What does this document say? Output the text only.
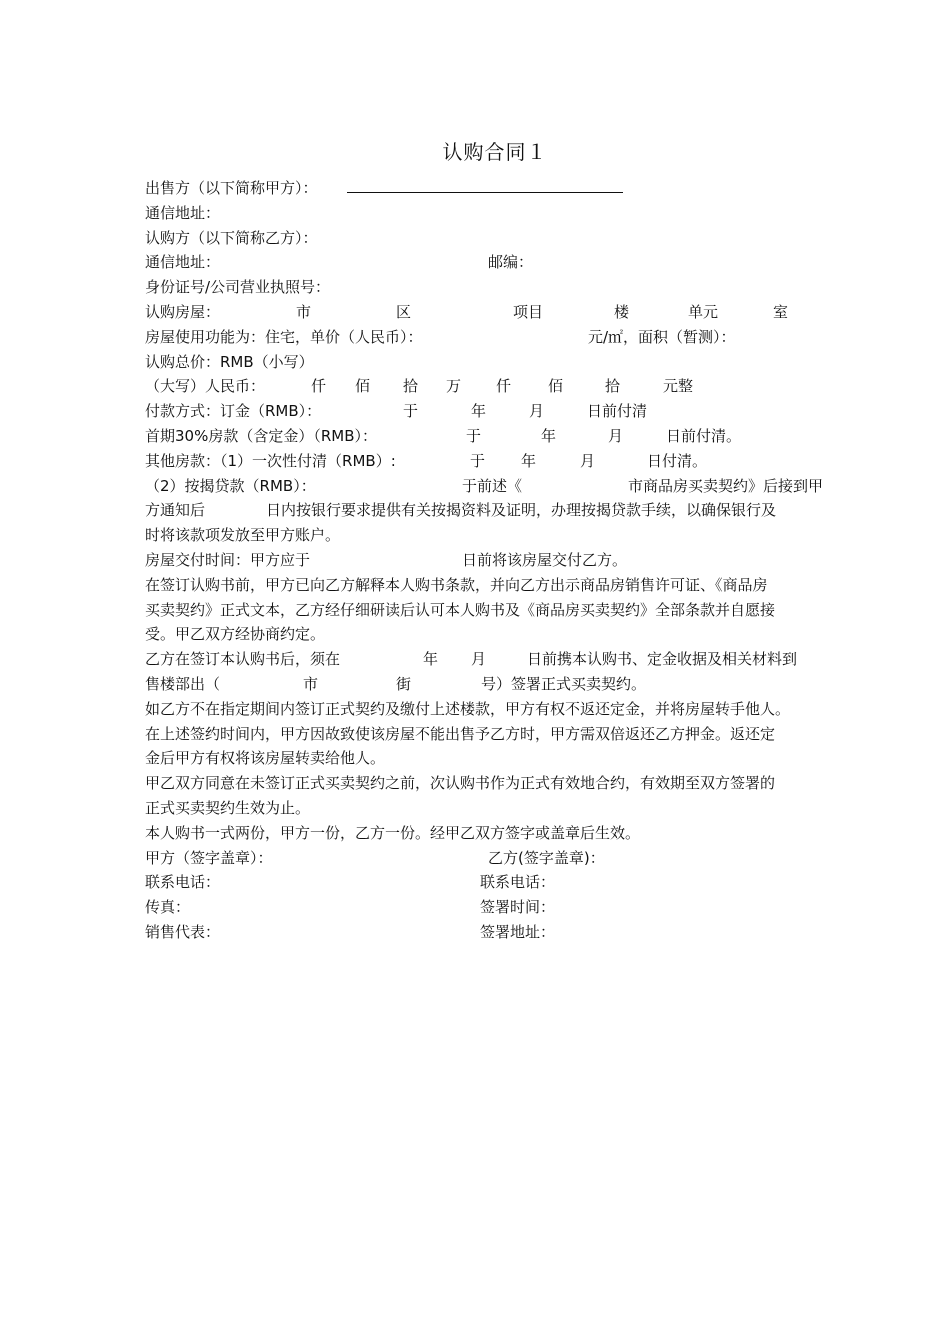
认购合同１
出售方（以下简称甲方）：
通信地址：
认购方（以下简称乙方）：
通信地址：	邮编：
身份证号/公司营业执照号：
认购房屋：	市	区	项目	楼	单元	室
房屋使用功能为：住宅，单价（人民币）：	元/㎡，面积（暂测）：
认购总价：RMB（小写）
（大写）人民币：	仟 佰 拾 万 仟 佰	拾	元整
付款方式：订金（RMB）：	于	年	月	日前付清
首期30%房款（含定金）（RMB）：	于	年	月	日前付清。
其他房款：（1）一次性付清（RMB）:	于 年	月	日付清。
（2）按揭贷款（RMB）：	于前述《	市商品房买卖契约》后接到甲
方通知后	日内按银行要求提供有关按揭资料及证明，办理按揭贷款手续，以确保银行及
时将该款项发放至甲方账户。
房屋交付时间：甲方应于	日前将该房屋交付乙方。
在签订认购书前，甲方已向乙方解释本人购书条款，并向乙方出示商品房销售许可证、《商品房
买卖契约》正式文本，乙方经仔细研读后认可本人购书及《商品房买卖契约》全部条款并自愿接
受。甲乙双方经协商约定。
乙方在签订本认购书后，须在	年 月	日前携本认购书、定金收据及相关材料到
售楼部出（	市	街	号）签署正式买卖契约。
如乙方不在指定期间内签订正式契约及缴付上述楼款，甲方有权不返还定金，并将房屋转手他人。
在上述签约时间内，甲方因故致使该房屋不能出售予乙方时，甲方需双倍返还乙方押金。返还定
金后甲方有权将该房屋转卖给他人。
甲乙双方同意在未签订正式买卖契约之前，次认购书作为正式有效地合约，有效期至双方签署的
正式买卖契约生效为止。
本人购书一式两份，甲方一份，乙方一份。经甲乙双方签字或盖章后生效。
甲方（签字盖章）：	乙方(签字盖章)：
联系电话：	联系电话：
传真：	签署时间：
销售代表：	签署地址：
